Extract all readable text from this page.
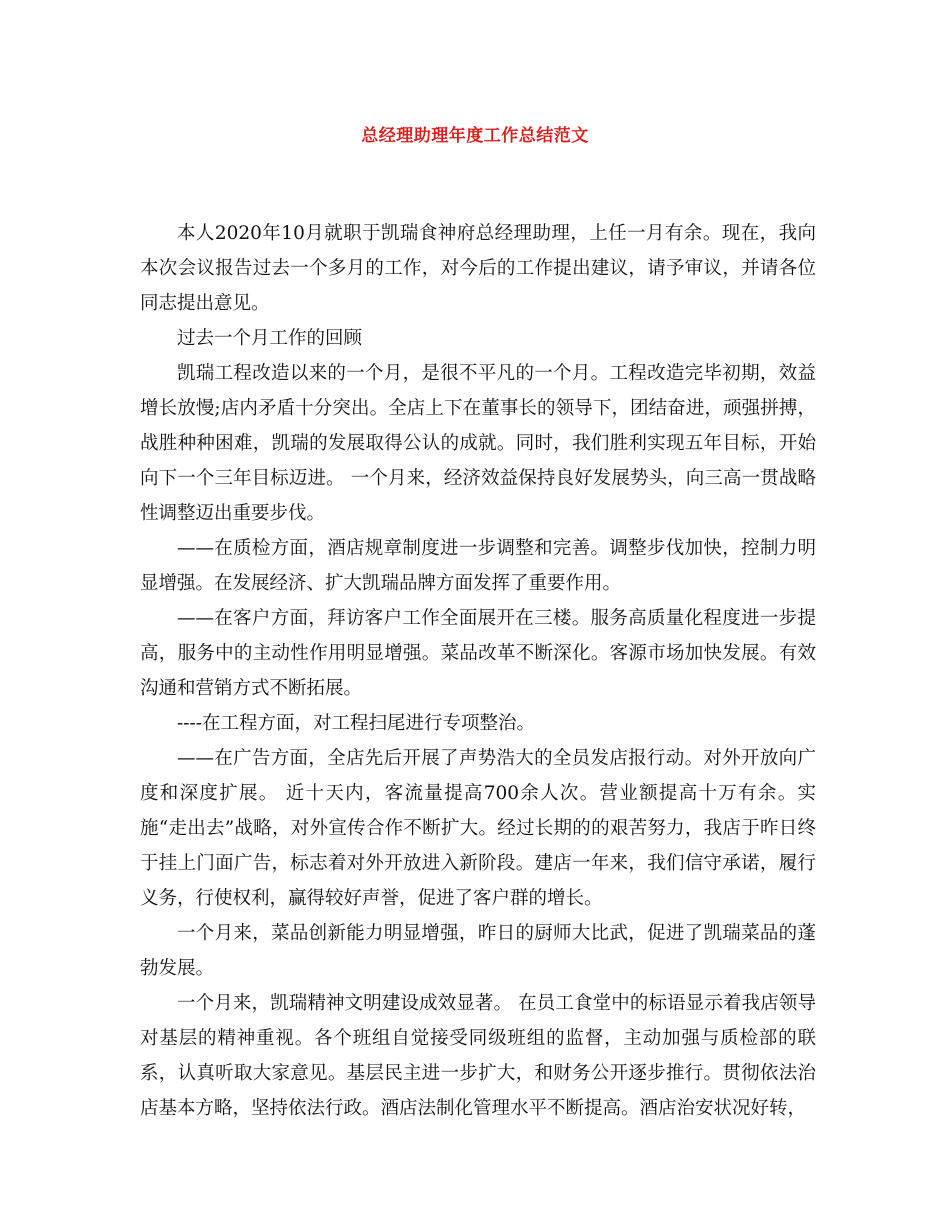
总经理助理年度工作总结范文

本人2020年10月就职于凯瑞食神府总经理助理，上任一月有余。现在，我向本次会议报告过去一个多月的工作，对今后的工作提出建议，请予审议，并请各位同志提出意见。

过去一个月工作的回顾

凯瑞工程改造以来的一个月，是很不平凡的一个月。工程改造完毕初期，效益增长放慢;店内矛盾十分突出。全店上下在董事长的领导下，团结奋进，顽强拼搏，战胜种种困难，凯瑞的发展取得公认的成就。同时，我们胜利实现五年目标，开始向下一个三年目标迈进。 一个月来，经济效益保持良好发展势头，向三高一贯战略性调整迈出重要步伐。

——在质检方面，酒店规章制度进一步调整和完善。调整步伐加快，控制力明显增强。在发展经济、扩大凯瑞品牌方面发挥了重要作用。

——在客户方面，拜访客户工作全面展开在三楼。服务高质量化程度进一步提高，服务中的主动性作用明显增强。菜品改革不断深化。客源市场加快发展。有效沟通和营销方式不断拓展。

----在工程方面，对工程扫尾进行专项整治。

——在广告方面，全店先后开展了声势浩大的全员发店报行动。对外开放向广度和深度扩展。 近十天内，客流量提高700余人次。营业额提高十万有余。实施“走出去”战略，对外宣传合作不断扩大。经过长期的的艰苦努力，我店于昨日终于挂上门面广告，标志着对外开放进入新阶段。建店一年来，我们信守承诺，履行义务，行使权利，赢得较好声誉，促进了客户群的增长。

一个月来，菜品创新能力明显增强，昨日的厨师大比武，促进了凯瑞菜品的蓬勃发展。

一个月来，凯瑞精神文明建设成效显著。 在员工食堂中的标语显示着我店领导对基层的精神重视。各个班组自觉接受同级班组的监督，主动加强与质检部的联系，认真听取大家意见。基层民主进一步扩大，和财务公开逐步推行。贯彻依法治店基本方略，坚持依法行政。酒店法制化管理水平不断提高。酒店治安状况好转，
